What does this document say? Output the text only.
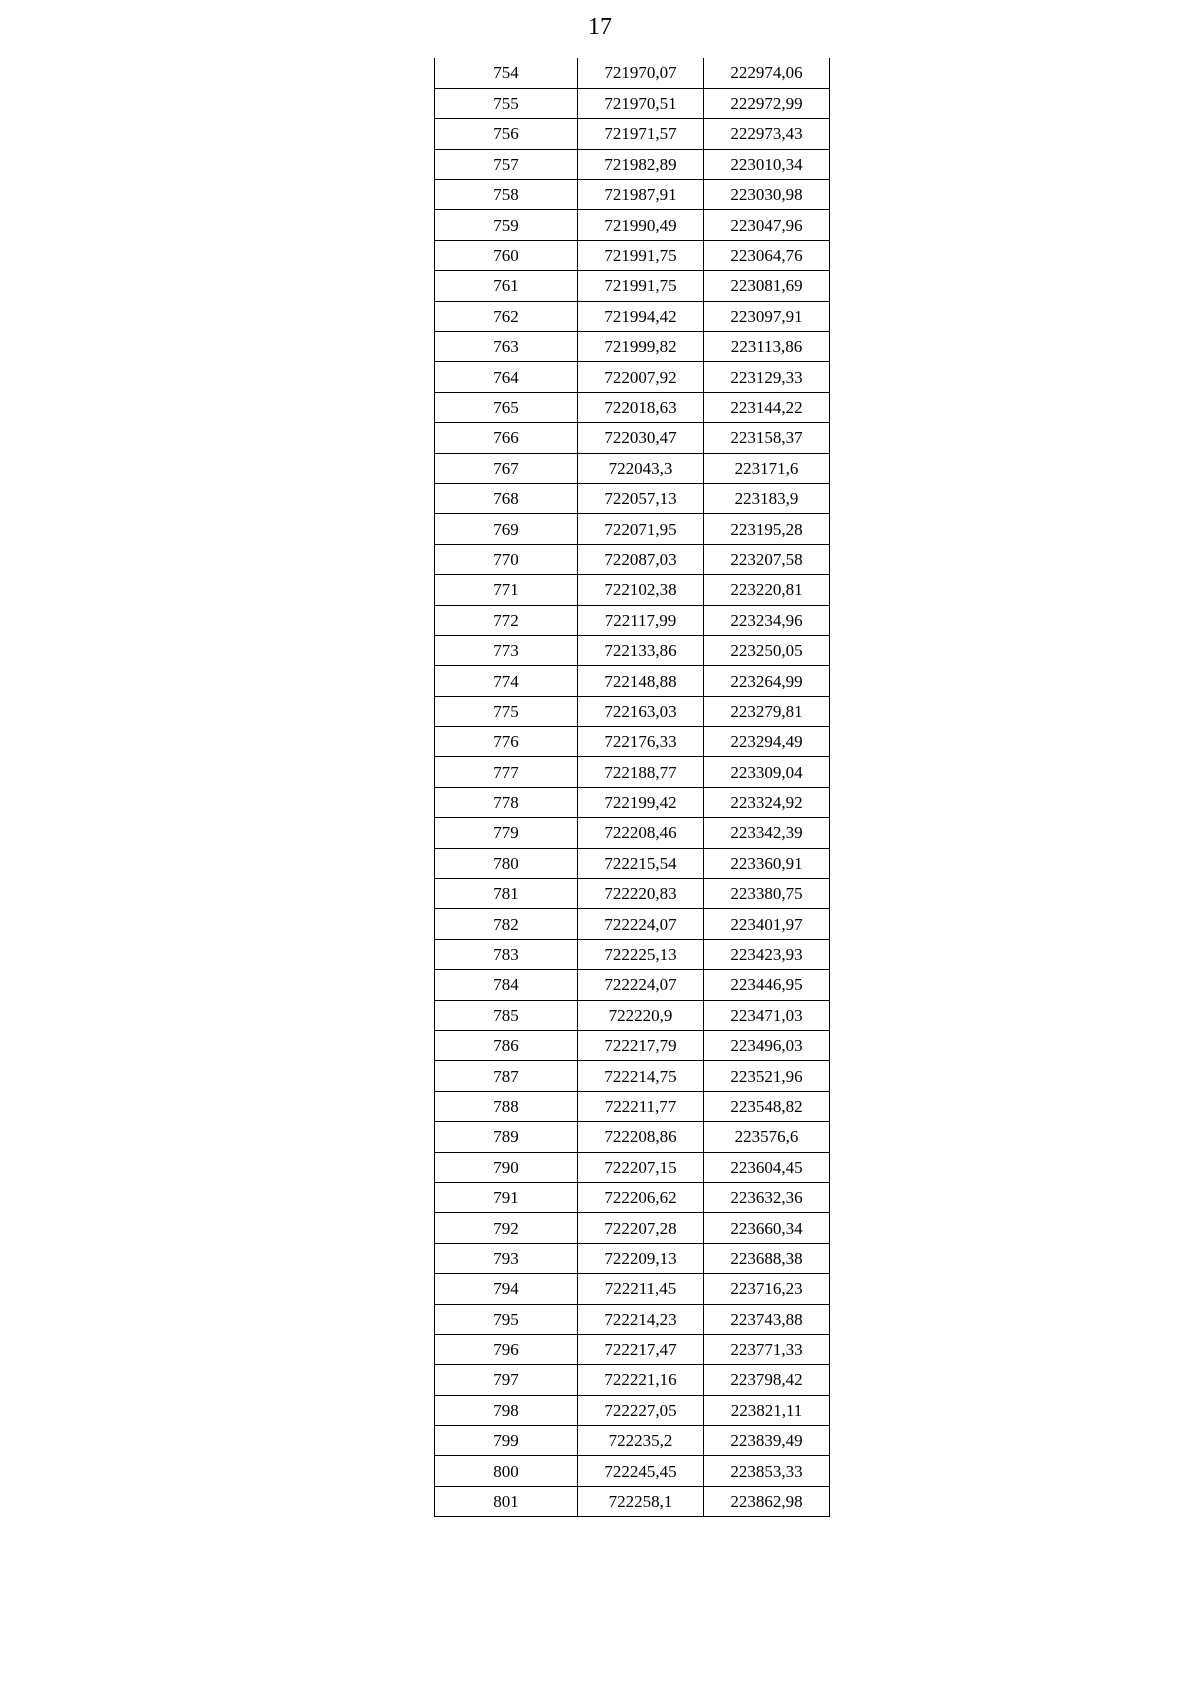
17
754	721970,07	222974,06
755	721970,51	222972,99
756	721971,57	222973,43
757	721982,89	223010,34
758	721987,91	223030,98
759	721990,49	223047,96
760	721991,75	223064,76
761	721991,75	223081,69
762	721994,42	223097,91
763	721999,82	223113,86
764	722007,92	223129,33
765	722018,63	223144,22
766	722030,47	223158,37
767	722043,3	223171,6
768	722057,13	223183,9
769	722071,95	223195,28
770	722087,03	223207,58
771	722102,38	223220,81
772	722117,99	223234,96
773	722133,86	223250,05
774	722148,88	223264,99
775	722163,03	223279,81
776	722176,33	223294,49
777	722188,77	223309,04
778	722199,42	223324,92
779	722208,46	223342,39
780	722215,54	223360,91
781	722220,83	223380,75
782	722224,07	223401,97
783	722225,13	223423,93
784	722224,07	223446,95
785	722220,9	223471,03
786	722217,79	223496,03
787	722214,75	223521,96
788	722211,77	223548,82
789	722208,86	223576,6
790	722207,15	223604,45
791	722206,62	223632,36
792	722207,28	223660,34
793	722209,13	223688,38
794	722211,45	223716,23
795	722214,23	223743,88
796	722217,47	223771,33
797	722221,16	223798,42
798	722227,05	223821,11
799	722235,2	223839,49
800	722245,45	223853,33
801	722258,1	223862,98
